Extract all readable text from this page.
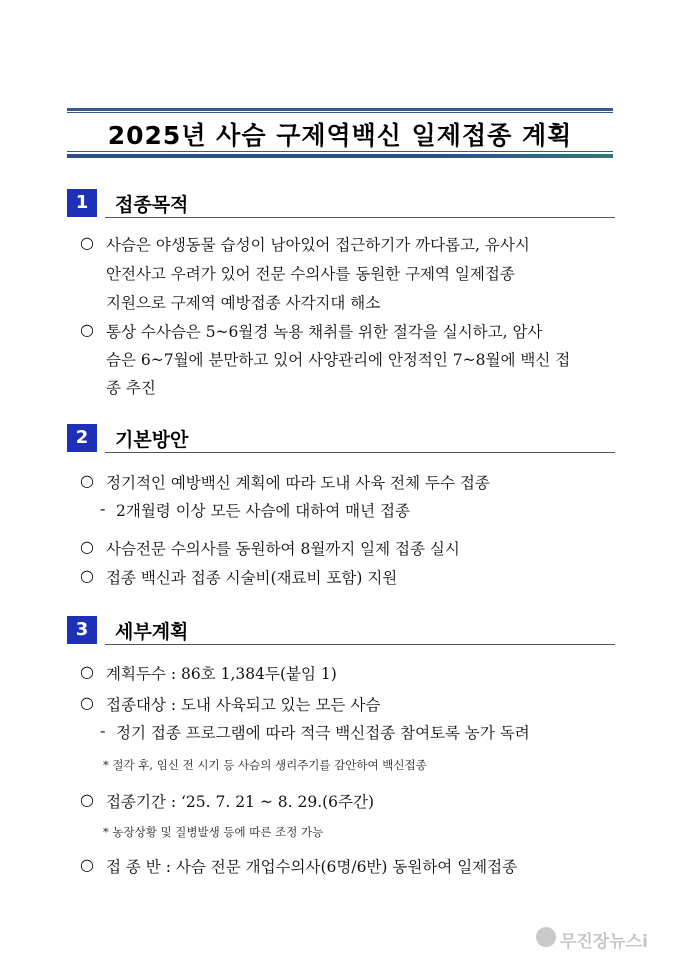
2025년 사슴 구제역백신 일제접종 계획
1	접종목적
○ 사슴은 야생동물 습성이 남아있어 접근하기가 까다롭고, 유사시
안전사고 우려가 있어 전문 수의사를 동원한 구제역 일제접종
지원으로 구제역 예방접종 사각지대 해소
○ 통상 수사슴은 5~6월경 녹용 채취를 위한 절각을 실시하고, 암사
슴은 6~7월에 분만하고 있어 사양관리에 안정적인 7~8월에 백신 접
종 추진
2	기본방안
○ 정기적인 예방백신 계획에 따라 도내 사육 전체 두수 접종
- 2개월령 이상 모든 사슴에 대하여 매년 접종
○ 사슴전문 수의사를 동원하여 8월까지 일제 접종 실시
○ 접종 백신과 접종 시술비(재료비 포함) 지원
3	세부계획
○ 계획두수 : 86호 1,384두(붙임 1)
○ 접종대상 : 도내 사육되고 있는 모든 사슴
- 정기 접종 프로그램에 따라 적극 백신접종 참여토록 농가 독려
* 절각 후, 임신 전 시기 등 사슴의 생리주기를 감안하여 백신접종
○ 접종기간 : ‘25. 7. 21 ~ 8. 29.(6주간)
* 농장상황 및 질병발생 등에 따른 조정 가능
○ 접 종 반 : 사슴 전문 개업수의사(6명/6반) 동원하여 일제접종
무진장뉴스i
